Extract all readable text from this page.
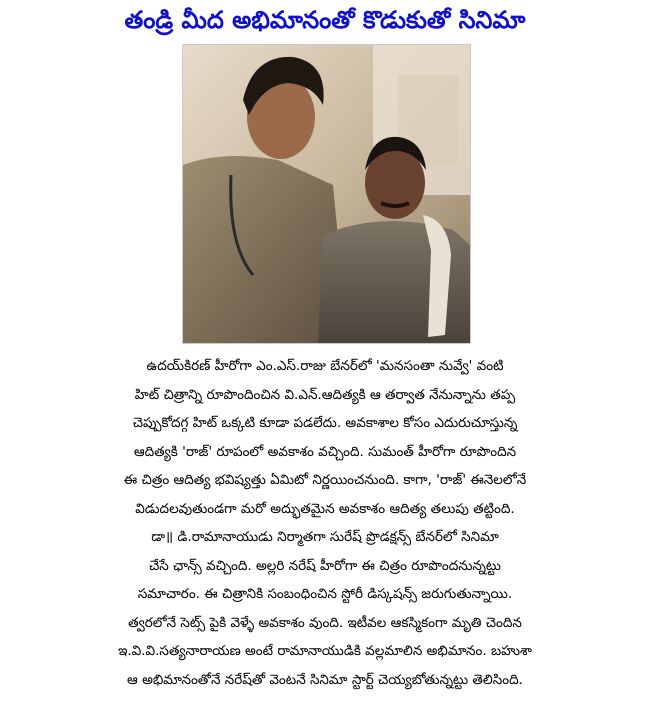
తండ్రి మీద అభిమానంతో కొడుకుతో సినిమా

ఉదయ్‌కిరణ్ హీరోగా ఎం.ఎస్.రాజు బేనర్‌లో 'మనసంతా నువ్వే' వంటి

హిట్ చిత్రాన్ని రూపొందించిన వి.ఎన్.ఆదిత్యకి ఆ తర్వాత నేనున్నాను తప్ప

చెప్పుకోదగ్గ హిట్ ఒక్కటి కూడా పడలేదు. అవకాశాల కోసం ఎదురుచూస్తున్న

ఆదిత్యకి 'రాజ్' రూపంలో అవకాశం వచ్చింది. సుమంత్ హీరోగా రూపొందిన

ఈ చిత్రం ఆదిత్య భవిష్యత్తు ఏమిటో నిర్ణయించనుంది. కాగా, 'రాజ్' ఈనెలలోనే

విడుదలవుతుండగా మరో అద్భుతమైన అవకాశం ఆదిత్య తలుపు తట్టింది.

డా॥ డి.రామానాయుడు నిర్మాతగా సురేష్ ప్రొడక్షన్స్ బేనర్‌లో సినిమా

చేసే ఛాన్స్ వచ్చింది. అల్లరి నరేష్ హీరోగా ఈ చిత్రం రూపొందనున్నట్టు

సమాచారం. ఈ చిత్రానికి సంబంధించిన స్టోరీ డిస్కషన్స్ జరుగుతున్నాయి.

త్వరలోనే సెట్స్ పైకి వెళ్ళే అవకాశం వుంది. ఇటీవల ఆకస్మికంగా మృతి చెందిన

ఇ.వి.వి.సత్యనారాయణ అంటే రామానాయుడికి వల్లమాలిన అభిమానం. బహుశా

ఆ అభిమానంతోనే నరేష్‌తో వెంటనే సినిమా స్టార్ట్ చెయ్యబోతున్నట్టు తెలిసింది.
